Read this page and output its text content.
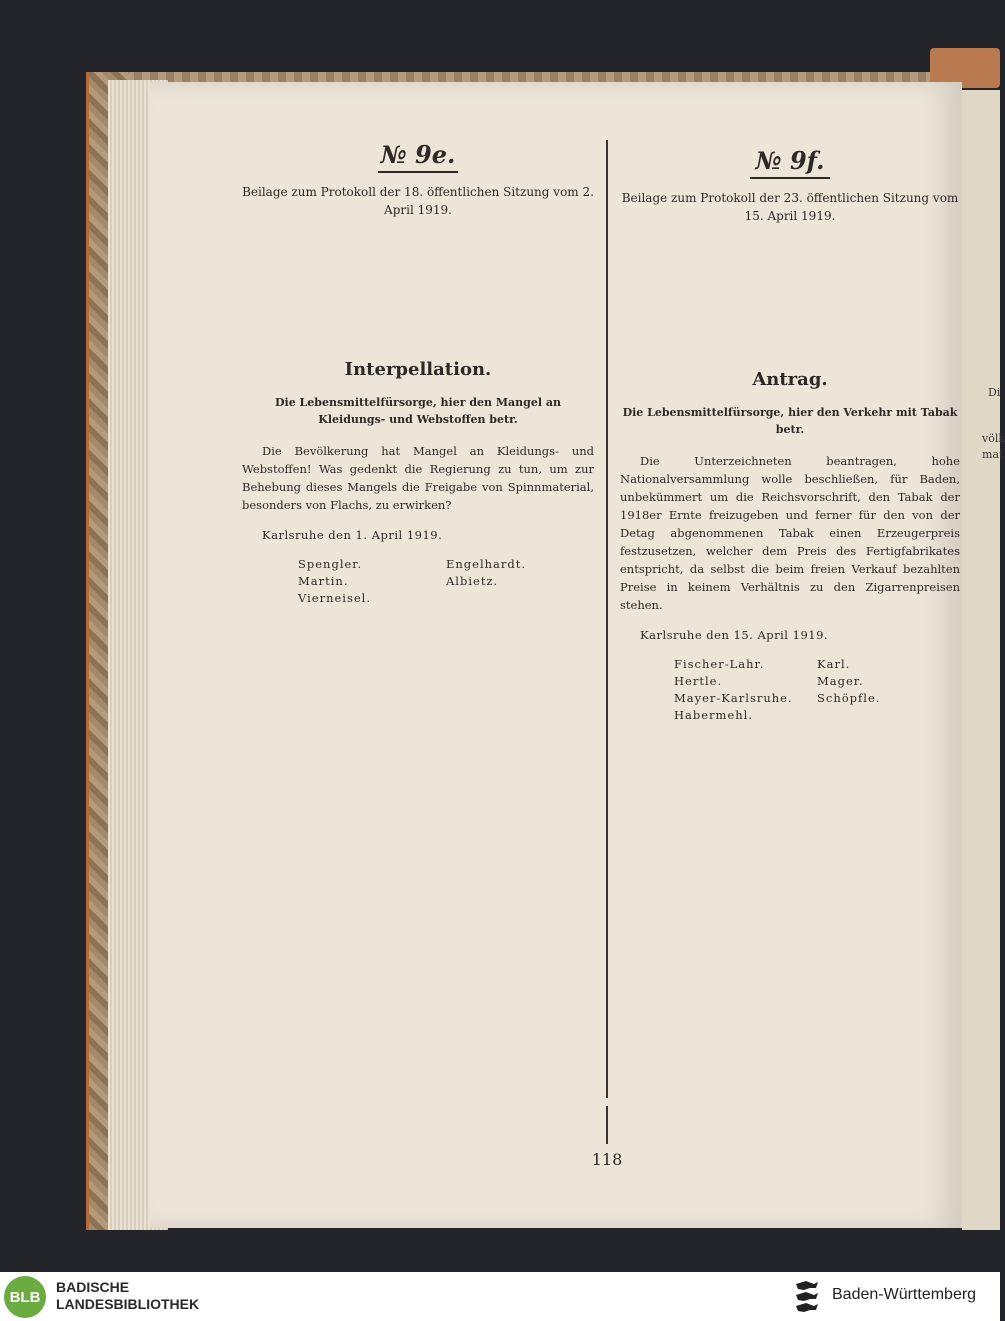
Di
völk
mat
№ 9e.
Beilage zum Protokoll der 18. öffentlichen Sitzung vom 2. April 1919.
Interpellation.
Die Lebensmittelfürsorge, hier den Mangel an Kleidungs- und Webstoffen betr.
Die Bevölkerung hat Mangel an Kleidungs- und Webstoffen! Was gedenkt die Regierung zu tun, um zur Behebung dieses Mangels die Freigabe von Spinnmaterial, besonders von Flachs, zu erwirken?
Karlsruhe den 1. April 1919.
Spengler.	Engelhardt.
Martin.	Albietz.
Vierneisel.
№ 9f.
Beilage zum Protokoll der 23. öffentlichen Sitzung vom 15. April 1919.
Antrag.
Die Lebensmittelfürsorge, hier den Verkehr mit Tabak betr.
Die Unterzeichneten beantragen, hohe Nationalversammlung wolle beschließen, für Baden, unbekümmert um die Reichsvorschrift, den Tabak der 1918er Ernte freizugeben und ferner für den von der Detag abgenommenen Tabak einen Erzeugerpreis festzusetzen, welcher dem Preis des Fertigfabrikates entspricht, da selbst die beim freien Verkauf bezahlten Preise in keinem Verhältnis zu den Zigarrenpreisen stehen.
Karlsruhe den 15. April 1919.
Fischer-Lahr.	Karl.
Hertle.	Mager.
Mayer-Karlsruhe.	Schöpfle.
Habermehl.
118
BLB
BADISCHE
LANDESBIBLIOTHEK
Baden-Württemberg
